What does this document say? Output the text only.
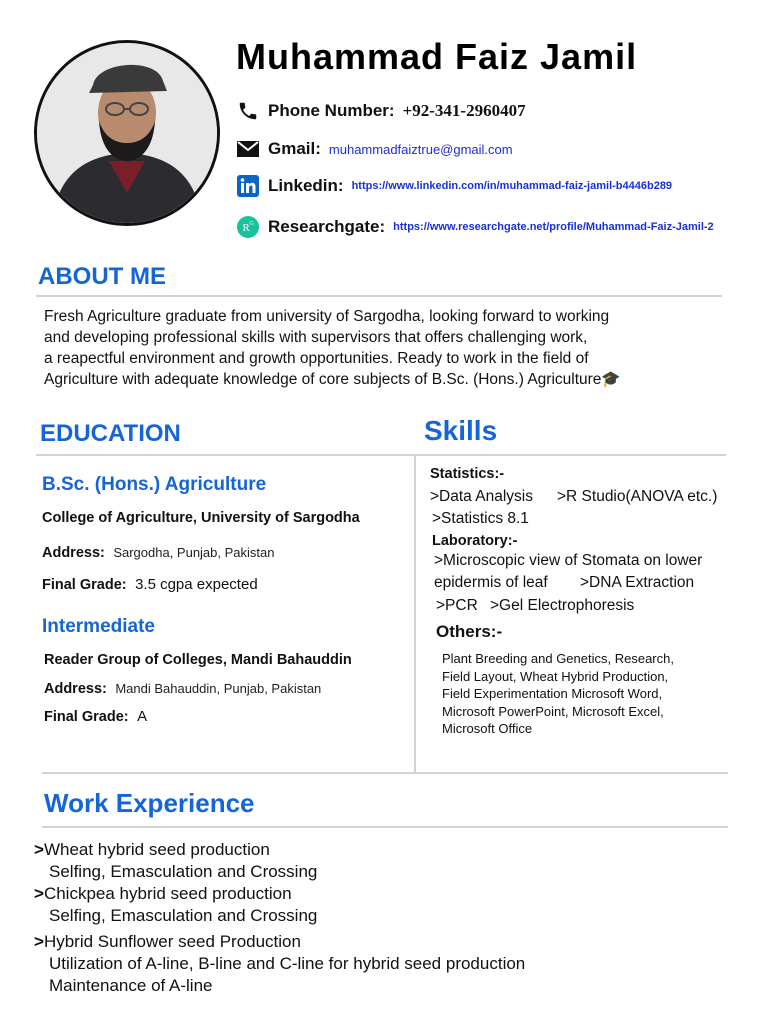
Muhammad Faiz Jamil
Phone Number: +92-341-2960407
Gmail: muhammadfaiztrue@gmail.com
Linkedin: https://www.linkedin.com/in/muhammad-faiz-jamil-b4446b289
R G Researchgate: https://www.researchgate.net/profile/Muhammad-Faiz-Jamil-2
ABOUT ME
Fresh Agriculture graduate from university of Sargodha, looking forward to working
and developing professional skills with supervisors that offers challenging work,
a reapectful environment and growth opportunities. Ready to work in the field of
Agriculture with adequate knowledge of core subjects of B.Sc. (Hons.) Agriculture🎓
EDUCATION
B.Sc. (Hons.) Agriculture
College of Agriculture, University of Sargodha
Address: Sargodha, Punjab, Pakistan
Final Grade: 3.5 cgpa expected
Intermediate
Reader Group of Colleges, Mandi Bahauddin
Address: Mandi Bahauddin, Punjab, Pakistan
Final Grade: A
Skills
Statistics:-
>Data Analysis >R Studio(ANOVA etc.)
>Statistics 8.1
Laboratory:-
>Microscopic view of Stomata on lower
epidermis of leaf >DNA Extraction
>PCR >Gel Electrophoresis
Others:-
Plant Breeding and Genetics, Research,
Field Layout, Wheat Hybrid Production,
Field Experimentation Microsoft Word,
Microsoft PowerPoint, Microsoft Excel,
Microsoft Office
Work Experience
>Wheat hybrid seed production
Selfing, Emasculation and Crossing
>Chickpea hybrid seed production
Selfing, Emasculation and Crossing
>Hybrid Sunflower seed Production
Utilization of A-line, B-line and C-line for hybrid seed production
Maintenance of A-line
